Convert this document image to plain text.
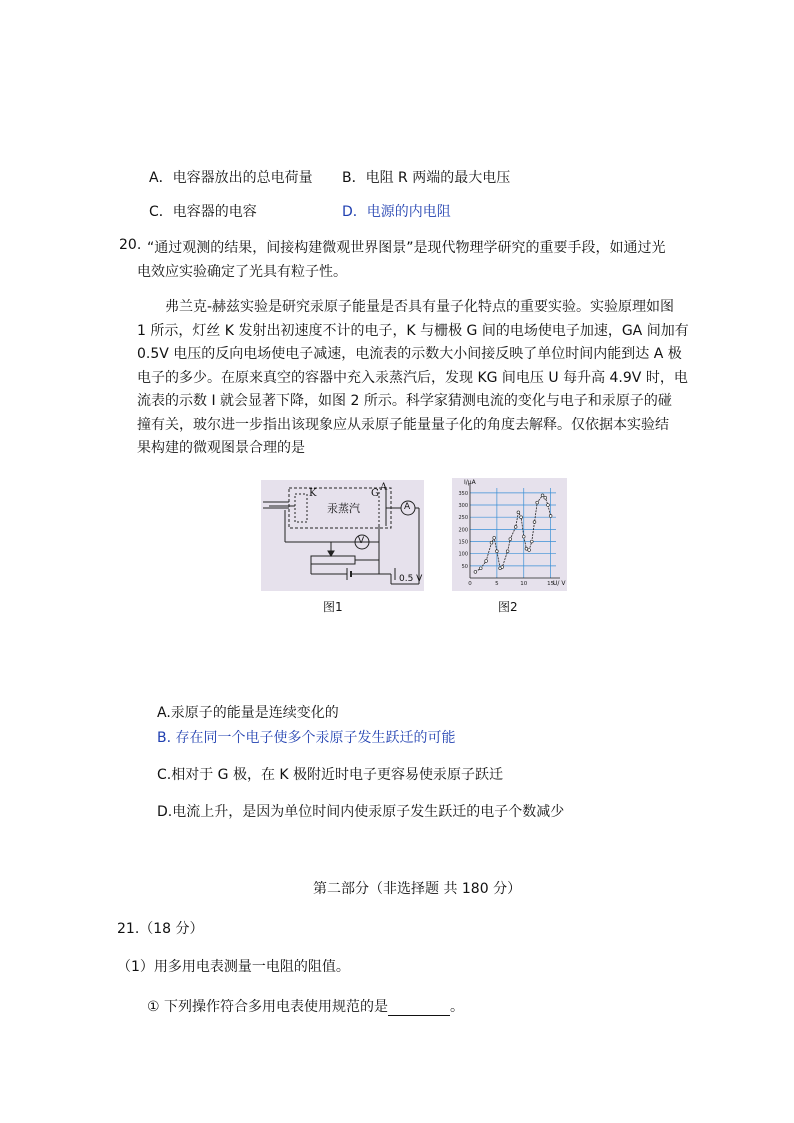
A．电容器放出的总电荷量 B．电阻 R 两端的最大电压
C．电容器的电容	D．电源的内电阻
20. “通过观测的结果，间接构建微观世界图景”是现代物理学研究的重要手段，如通过光
电效应实验确定了光具有粒子性。
弗兰克-赫兹实验是研究汞原子能量是否具有量子化特点的重要实验。实验原理如图
1 所示，灯丝 K 发射出初速度不计的电子，K 与栅极 G 间的电场使电子加速，GA 间加有
0.5V 电压的反向电场使电子减速，电流表的示数大小间接反映了单位时间内能到达 A 极
电子的多少。在原来真空的容器中充入汞蒸汽后，发现 KG 间电压 U 每升高 4.9V 时，电
流表的示数 I 就会显著下降，如图 2 所示。科学家猜测电流的变化与电子和汞原子的碰
撞有关，玻尔进一步指出该现象应从汞原子能量量子化的角度去解释。仅依据本实验结
果构建的微观图景合理的是
K	G
A
汞蒸汽	A
V
0.5 V
图1
350
300
250
200
150
100
50
0	5	10	15
I/μA
U/ V
图2
A.汞原子的能量是连续变化的
B. 存在同一个电子使多个汞原子发生跃迁的可能
C.相对于 G 极，在 K 极附近时电子更容易使汞原子跃迁
D.电流上升，是因为单位时间内使汞原子发生跃迁的电子个数减少
第二部分（非选择题 共 180 分）
21.（18 分）
（1）用多用电表测量一电阻的阻值。
① 下列操作符合多用电表使用规范的是	。
